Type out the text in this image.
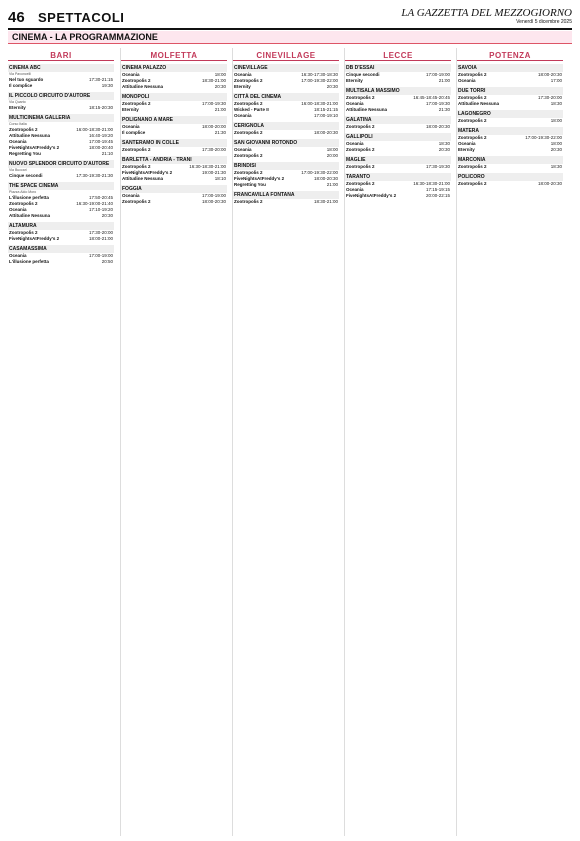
46 SPETTACOLI	LA GAZZETTA DEL MEZZOGIORNO
Venerdì 5 dicembre 2025
CINEMA - LA PROGRAMMAZIONE
BARI
CINEMA ABC
Via Pavoncelli
Nel tuo sguardo	17:30-21:15
Il complice	19:30
IL PICCOLO CIRCUITO D'AUTORE
Via Quarto
Eternity	18:15-20:30
MULTICINEMA GALLERIA
Corso Italia
Zootropolis 2	16:00-18:30-21:00
Attitudine Nessuna	16:40-19:20
Oceania	17:00-19:45
FiveNightsAtFreddy's 2	18:00-20:40
Regretting You	21:10
NUOVO SPLENDOR CIRCUITO D'AUTORE
Via Buccari
Cinque secondi	17:30-19:30-21:30
THE SPACE CINEMA
Piazza Aldo Moro
L'illusione perfetta	17:50-20:45
Zootropolis 2	16:30-19:00-21:40
Oceania	17:10-19:20
Attitudine Nessuna	20:30
ALTAMURA
Zootropolis 2	17:30-20:00
FiveNightsAtFreddy's 2	18:00-21:00
CASAMASSIMA
Oceania	17:00-19:00
L'illusione perfetta	20:50
MOLFETTA
CINEMA PALAZZO
Oceania	18:00
Zootropolis 2	18:30-21:00
Attitudine Nessuna	20:30
MONOPOLI
Zootropolis 2	17:00-19:30
Eternity	21:00
POLIGNANO A MARE
Oceania	18:00-20:00
Il complice	21:30
SANTERAMO IN COLLE
Zootropolis 2	17:30-20:00
BARLETTA - ANDRIA - TRANI
Zootropolis 2	16:30-18:30-21:00
FiveNightsAtFreddy's 2	19:00-21:30
Attitudine Nessuna	18:10
FOGGIA
Oceania	17:00-19:00
Zootropolis 2	18:00-20:30
CINEVILLAGE
CINEVILLAGE
Oceania	16:30-17:30-18:30
Zootropolis 2	17:00-19:30-22:00
Eternity	20:30
CITTÀ DEL CINEMA
Zootropolis 2	16:00-18:30-21:00
Wicked - Parte II	18:15-21:15
Oceania	17:00-19:10
CERIGNOLA
Zootropolis 2	18:00-20:30
SAN GIOVANNI ROTONDO
Oceania	18:00
Zootropolis 2	20:00
BRINDISI
Zootropolis 2	17:00-19:30-22:00
FiveNightsAtFreddy's 2	18:00-20:30
Regretting You	21:00
FRANCAVILLA FONTANA
Zootropolis 2	18:30-21:00
LECCE
DB D'ESSAI
Cinque secondi	17:00-19:00
Eternity	21:00
MULTISALA MASSIMO
Zootropolis 2	16:45-18:45-20:45
Oceania	17:00-19:30
Attitudine Nessuna	21:30
GALATINA
Zootropolis 2	18:00-20:30
GALLIPOLI
Oceania	18:30
Zootropolis 2	20:30
MAGLIE
Zootropolis 2	17:30-19:30
TARANTO
Zootropolis 2	16:30-18:30-21:00
Oceania	17:15-19:15
FiveNightsAtFreddy's 2	20:00-22:15
POTENZA
SAVOIA
Zootropolis 2	18:00-20:30
Oceania	17:00
DUE TORRI
Zootropolis 2	17:30-20:00
Attitudine Nessuna	18:30
LAGONEGRO
Zootropolis 2	18:00
MATERA
Zootropolis 2	17:00-19:30-22:00
Oceania	18:00
Eternity	20:30
MARCONIA
Zootropolis 2	18:30
POLICORO
Zootropolis 2	18:00-20:30
